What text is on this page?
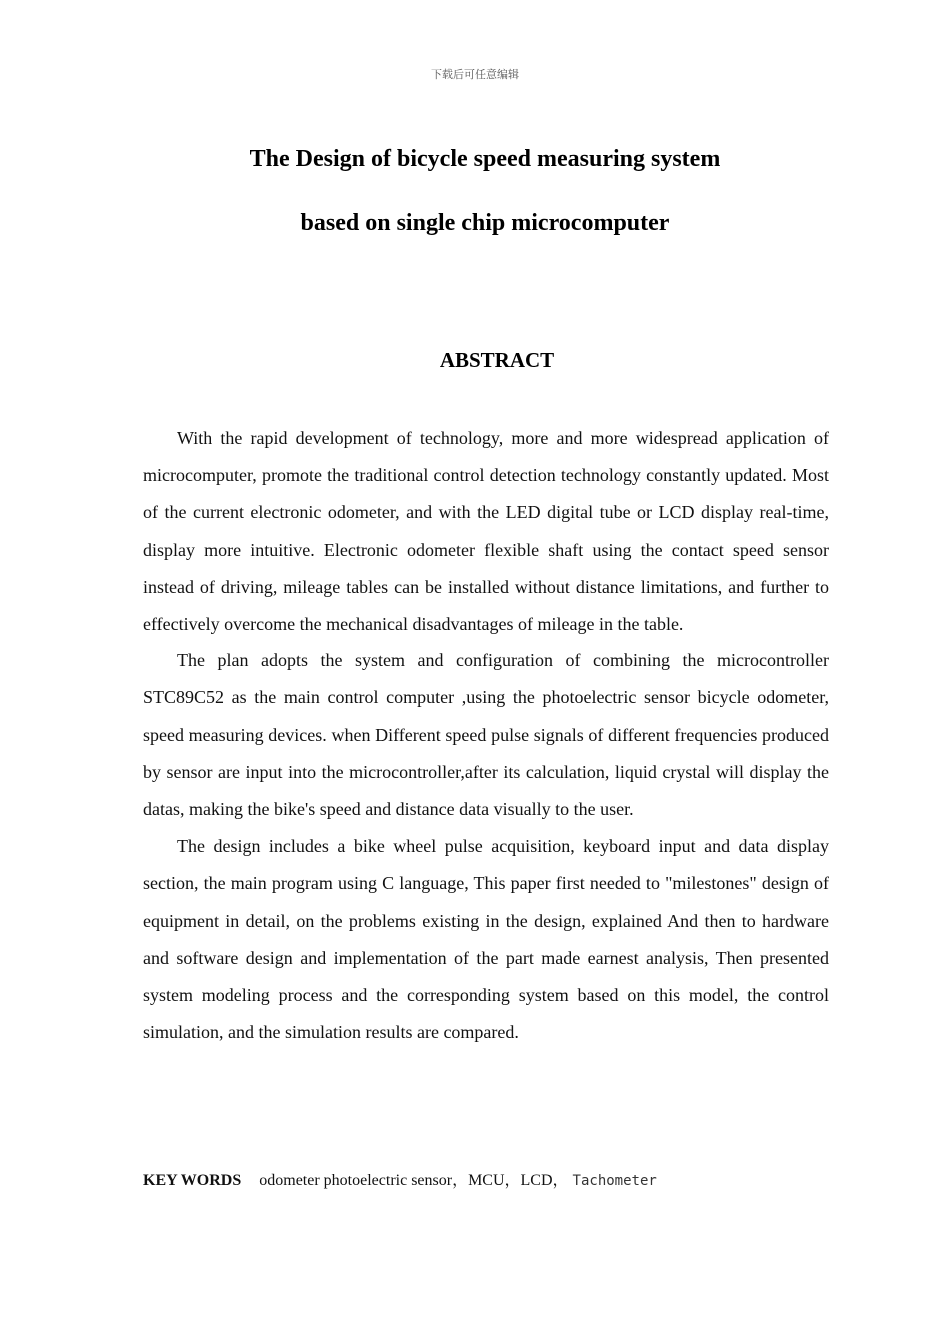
下载后可任意编辑
The Design of bicycle speed measuring system
based on single chip microcomputer
ABSTRACT

With the rapid development of technology, more and more widespread application of microcomputer, promote the traditional control detection technology constantly updated. Most of the current electronic odometer, and with the LED digital tube or LCD display real-time, display more intuitive. Electronic odometer flexible shaft using the contact speed sensor instead of driving, mileage tables can be installed without distance limitations, and further to effectively overcome the mechanical disadvantages of mileage in the table.

The plan adopts the system and configuration of combining the microcontroller STC89C52 as the main control computer ,using the photoelectric sensor bicycle odometer, speed measuring devices. when Different speed pulse signals of different frequencies produced by sensor are input into the microcontroller,after its calculation, liquid crystal will display the datas, making the bike's speed and distance data visually to the user.

The design includes a bike wheel pulse acquisition, keyboard input and data display section, the main program using C language, This paper first needed to "milestones" design of equipment in detail, on the problems existing in the design, explained And then to hardware and software design and implementation of the part made earnest analysis, Then presented system modeling process and the corresponding system based on this model, the control simulation, and the simulation results are compared.

KEY WORDS odometer photoelectric sensor，MCU，LCD， Tachometer
